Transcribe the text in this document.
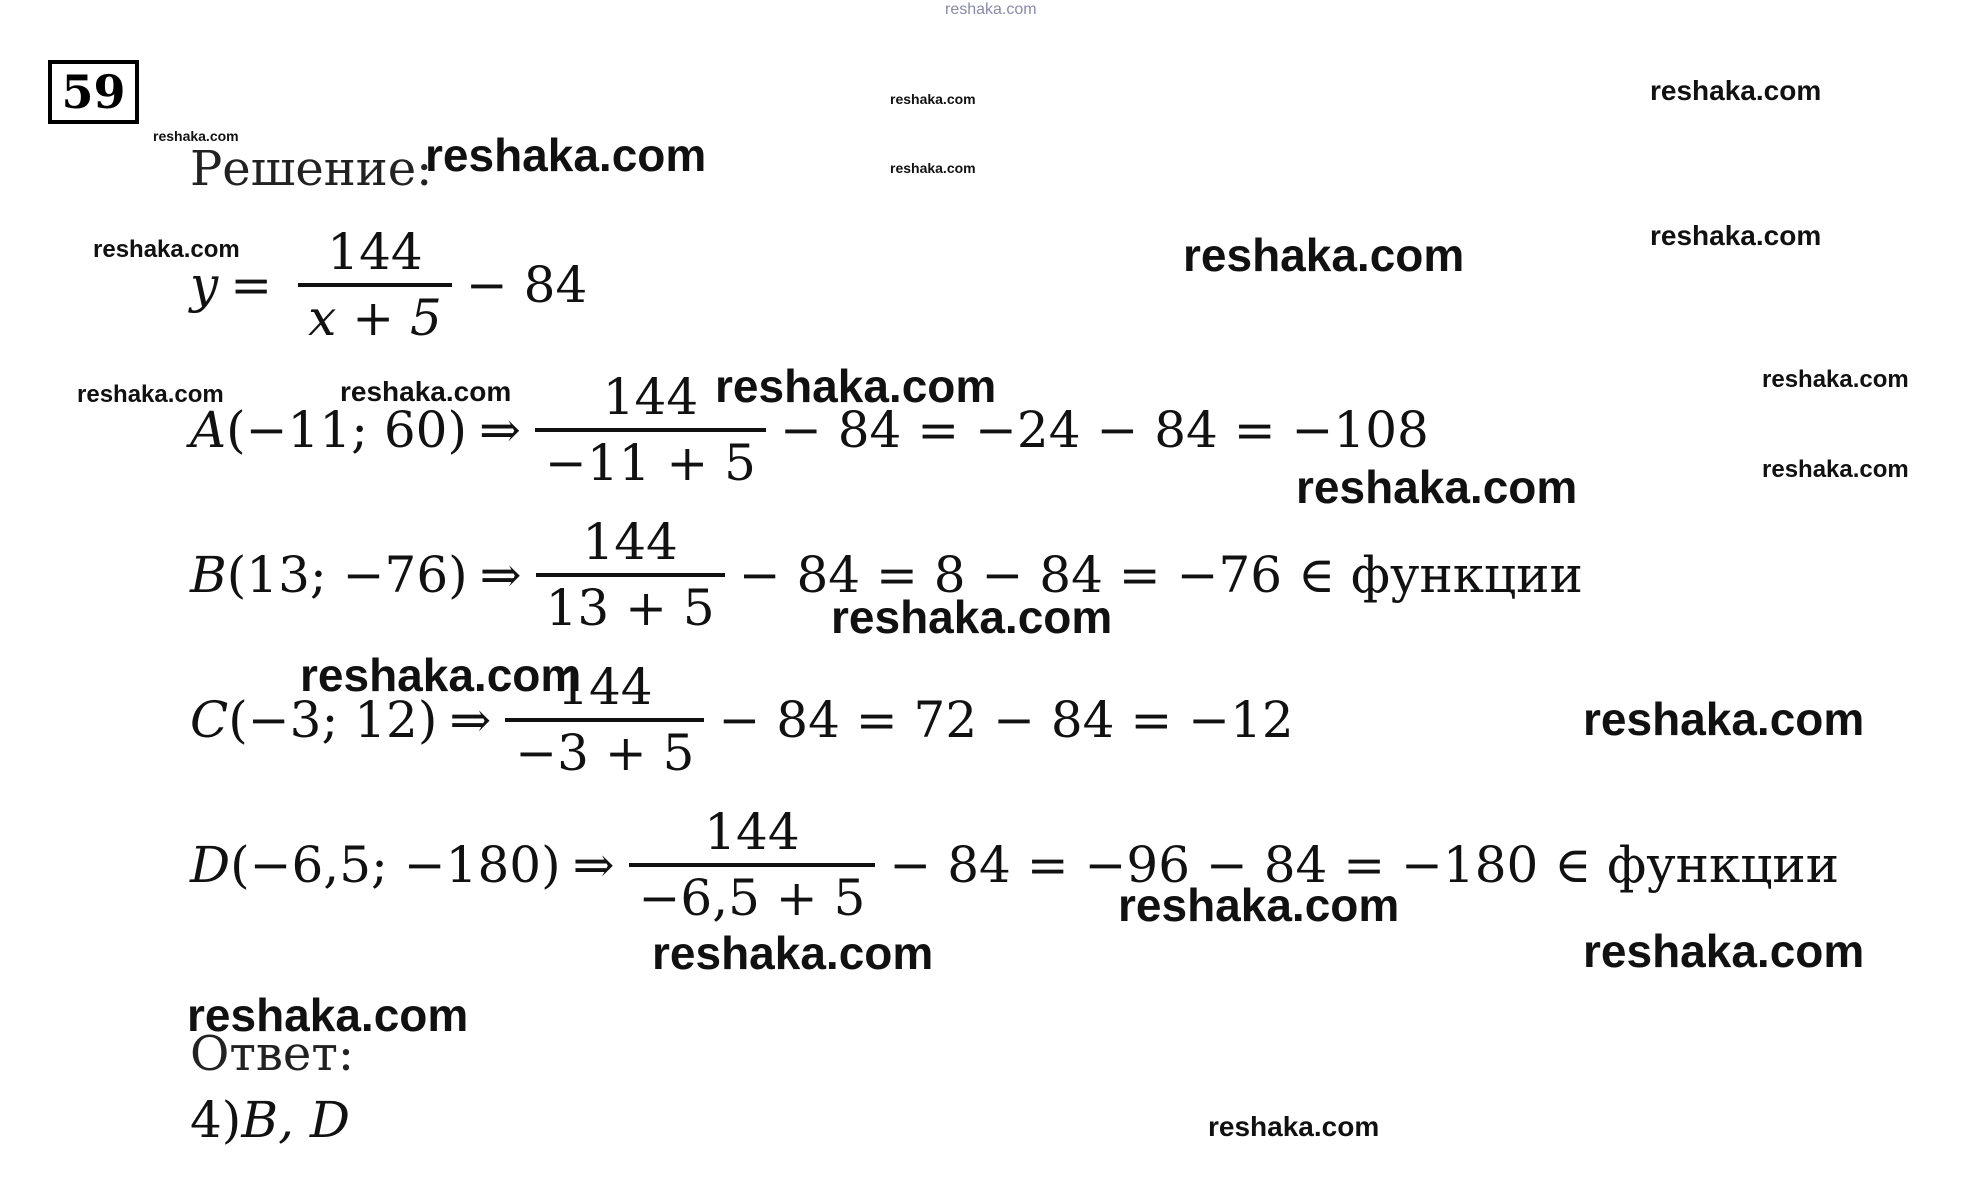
reshaka.com
59
Решение:
Ответ:
$y = \frac{144}{x + 5} - 84$
A (−11; 60) ⇒ $\frac{144}{-11 + 5} - 84 = -24 - 84 = -108$
B (13; −76) ⇒ $\frac{144}{13 + 5} - 84 = 8 - 84 = -76$ ∈ функции
C (−3; 12) ⇒ $\frac{144}{-3 + 5} - 84 = 72 - 84 = -12$
D (−6,5; −180) ⇒ $\frac{144}{-6,5 + 5} - 84 = -96 - 84 = -180$ ∈ функции
4)B, D
reshaka.com
reshaka.com
reshaka.com
reshaka.com	reshaka.com
reshaka.com	reshaka.com	reshaka.com
reshaka.com	reshaka.com	reshaka.com	reshaka.com
reshaka.com
reshaka.com
reshaka.com
reshaka.com
reshaka.com
reshaka.com
reshaka.com	reshaka.com
reshaka.com
reshaka.com
